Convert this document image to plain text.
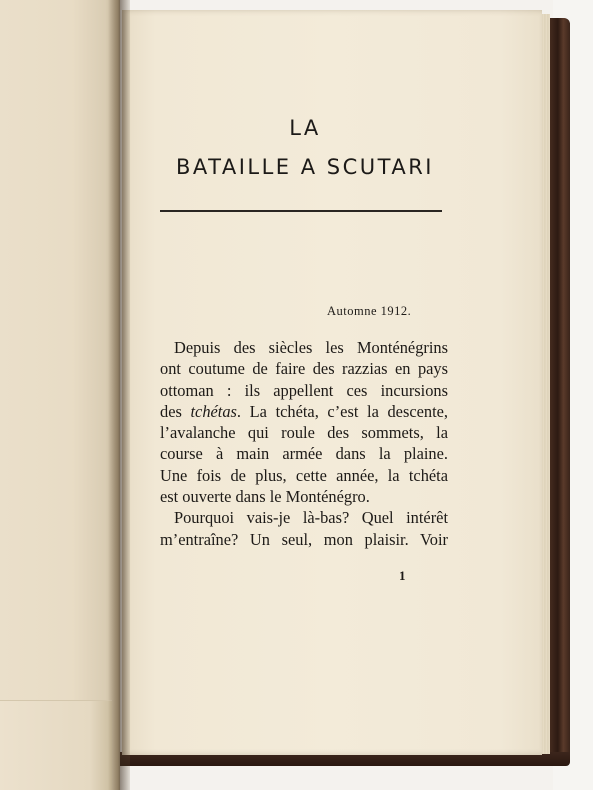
LA
BATAILLE A SCUTARI
Automne 1912.
Depuis des siècles les Monténégrins
ont coutume de faire des razzias en pays
ottoman : ils appellent ces incursions
des tchétas. La tchéta, c’est la descente,
l’avalanche qui roule des sommets, la
course à main armée dans la plaine.
Une fois de plus, cette année, la tchéta
est ouverte dans le Monténégro.
Pourquoi vais-je là-bas? Quel intérêt
m’entraîne? Un seul, mon plaisir. Voir
1
